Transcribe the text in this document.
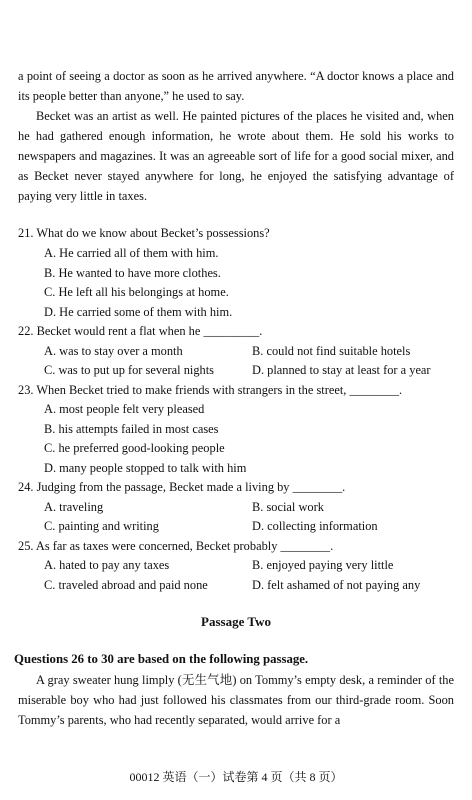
a point of seeing a doctor as soon as he arrived anywhere. “A doctor knows a place and its people better than anyone,” he used to say.

Becket was an artist as well. He painted pictures of the places he visited and, when he had gathered enough information, he wrote about them. He sold his works to newspapers and magazines. It was an agreeable sort of life for a good social mixer, and as Becket never stayed anywhere for long, he enjoyed the satisfying advantage of paying very little in taxes.

21. What do we know about Becket’s possessions?
A. He carried all of them with him.
B. He wanted to have more clothes.
C. He left all his belongings at home.
D. He carried some of them with him.
22. Becket would rent a flat when he _________.
A. was to stay over a month	B. could not find suitable hotels
C. was to put up for several nights	D. planned to stay at least for a year
23. When Becket tried to make friends with strangers in the street, ________.
A. most people felt very pleased
B. his attempts failed in most cases
C. he preferred good-looking people
D. many people stopped to talk with him
24. Judging from the passage, Becket made a living by ________.
A. traveling	B. social work
C. painting and writing	D. collecting information
25. As far as taxes were concerned, Becket probably ________.
A. hated to pay any taxes	B. enjoyed paying very little
C. traveled abroad and paid none	D. felt ashamed of not paying any
Passage Two
Questions 26 to 30 are based on the following passage.

A gray sweater hung limply (无生气地) on Tommy’s empty desk, a reminder of the miserable boy who had just followed his classmates from our third-grade room. Soon Tommy’s parents, who had recently separated, would arrive for a

00012 英语（一）试卷第 4 页（共 8 页）
